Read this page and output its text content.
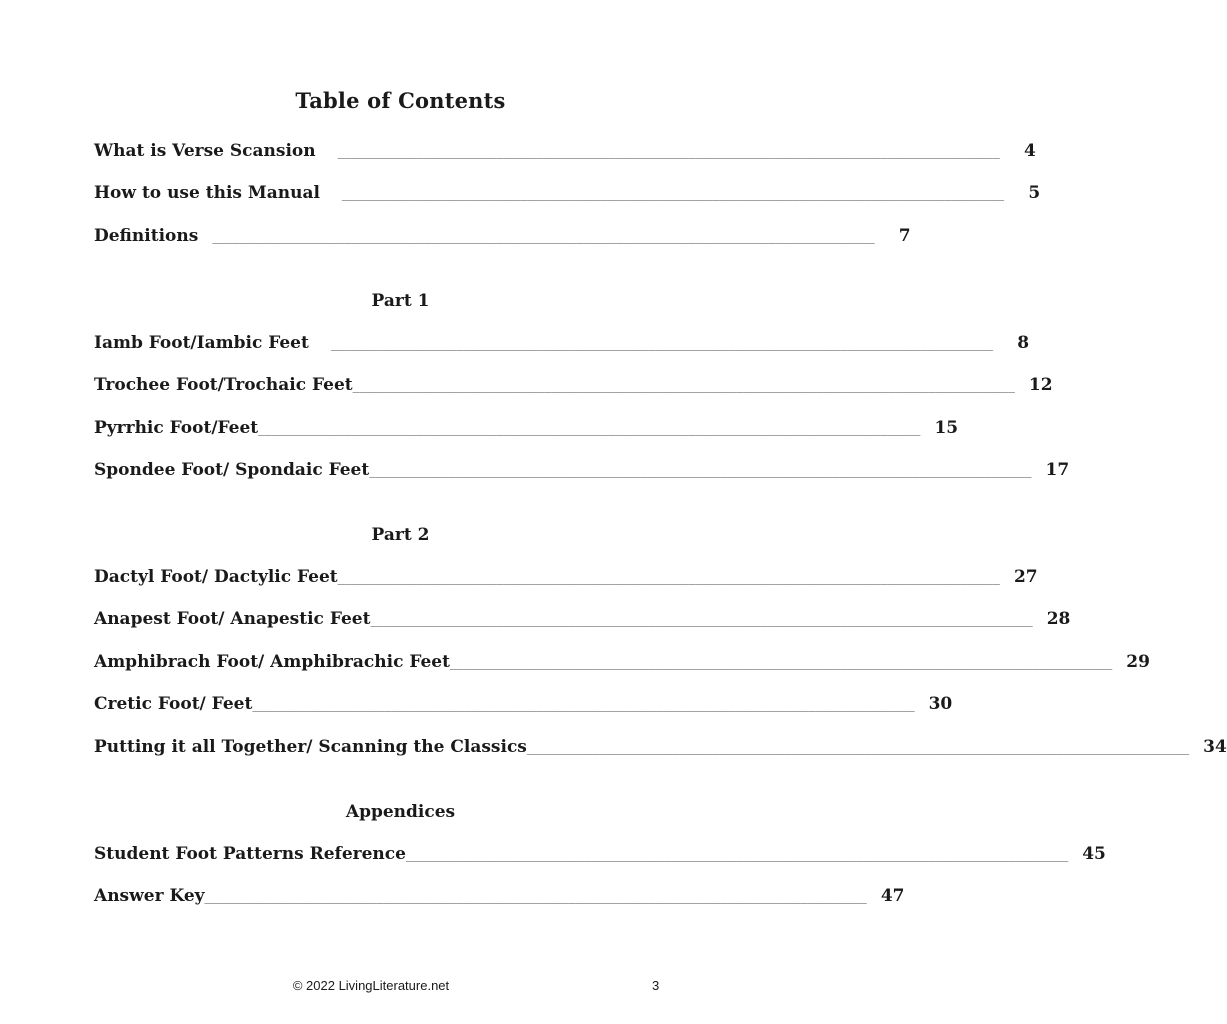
Table of Contents
What is Verse Scansion ____________________________________________________________________________________________________	4
How to use this Manual ____________________________________________________________________________________________________	5
Definitions ____________________________________________________________________________________________________	7
Part 1
Iamb Foot/Iambic Feet ____________________________________________________________________________________________________	8
Trochee Foot/Trochaic Feet ____________________________________________________________________________________________________ 12
Pyrrhic Foot/Feet ____________________________________________________________________________________________________ 15
Spondee Foot/ Spondaic Feet ____________________________________________________________________________________________________ 17
Part 2
Dactyl Foot/ Dactylic Feet ____________________________________________________________________________________________________ 27
Anapest Foot/ Anapestic Feet ____________________________________________________________________________________________________ 28
Amphibrach Foot/ Amphibrachic Feet ____________________________________________________________________________________________________ 29
Cretic Foot/ Feet ____________________________________________________________________________________________________ 30
Putting it all Together/ Scanning the Classics ____________________________________________________________________________________________________ 34
Appendices
Student Foot Patterns Reference ____________________________________________________________________________________________________ 45
Answer Key ____________________________________________________________________________________________________ 47
© 2022 LivingLiterature.net	3
